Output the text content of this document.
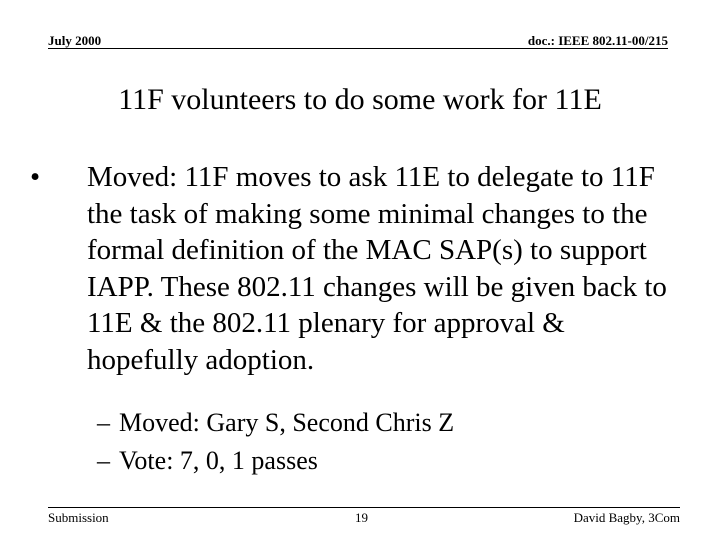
July 2000	doc.: IEEE 802.11-00/215
11F volunteers to do some work for 11E
•	Moved: 11F moves to ask 11E to delegate to 11F the task of making some minimal changes to the formal definition of the MAC SAP(s) to support IAPP. These 802.11 changes will be given back to 11E & the 802.11 plenary for approval & hopefully adoption.
– Moved: Gary S, Second Chris Z
– Vote: 7, 0, 1 passes
Submission	19	David Bagby, 3Com
